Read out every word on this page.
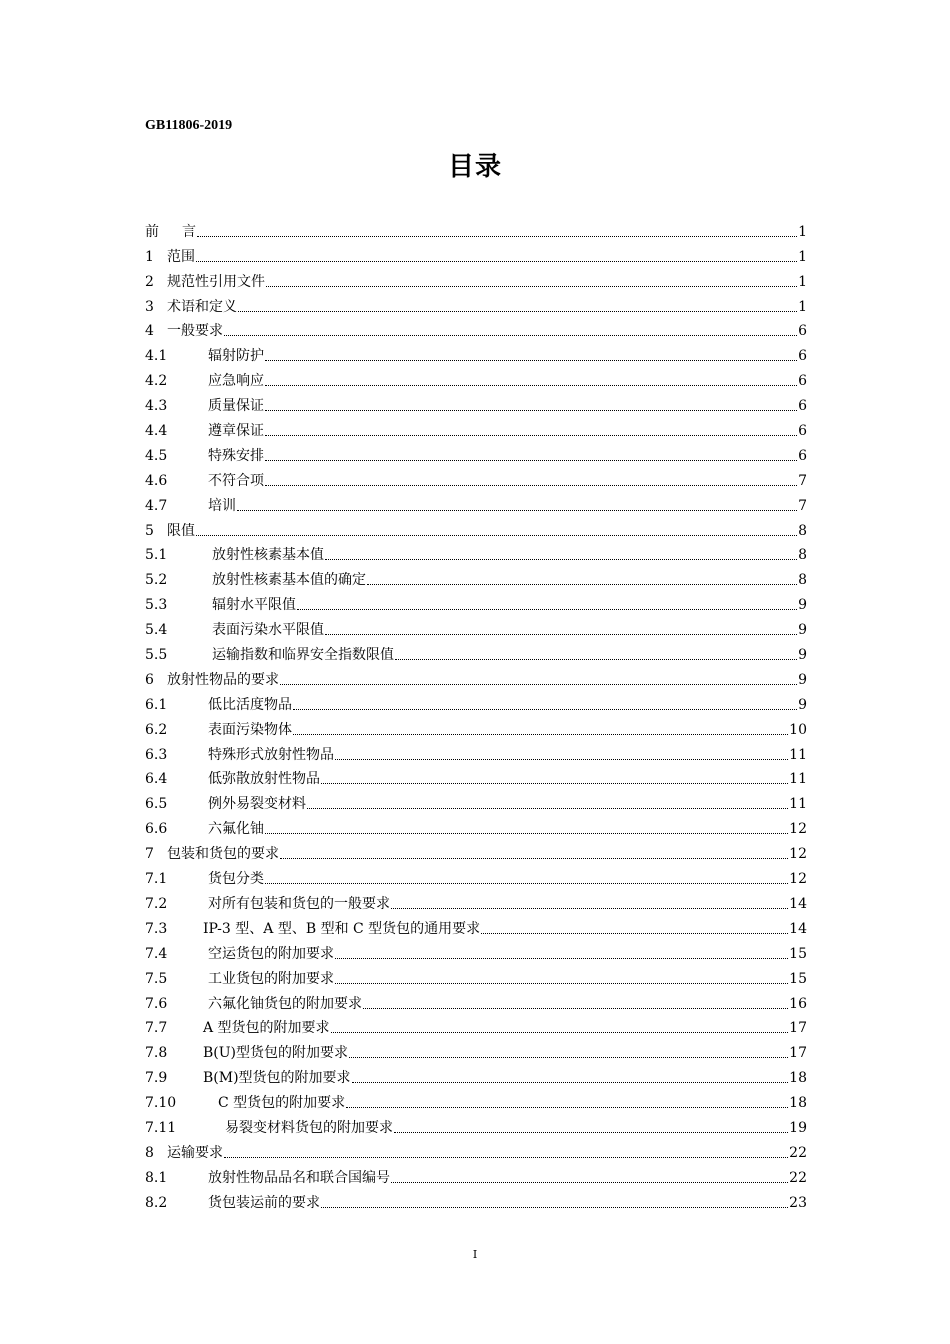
GB11806-2019
目录
前	言	1
1 范围	1
2 规范性引用文件	1
3 术语和定义	1
4 一般要求	6
4.1	辐射防护	6
4.2	应急响应	6
4.3	质量保证	6
4.4	遵章保证	6
4.5	特殊安排	6
4.6	不符合项	7
4.7	培训	7
5 限值	8
5.1	放射性核素基本值	8
5.2	放射性核素基本值的确定	8
5.3	辐射水平限值	9
5.4	表面污染水平限值	9
5.5	运输指数和临界安全指数限值	9
6 放射性物品的要求	9
6.1	低比活度物品	9
6.2	表面污染物体	10
6.3	特殊形式放射性物品	11
6.4	低弥散放射性物品	11
6.5	例外易裂变材料	11
6.6	六氟化铀	12
7 包装和货包的要求	12
7.1	货包分类	12
7.2	对所有包装和货包的一般要求	14
7.3	IP-3 型、A 型、B 型和 C 型货包的通用要求	14
7.4	空运货包的附加要求	15
7.5	工业货包的附加要求	15
7.6	六氟化铀货包的附加要求	16
7.7	A 型货包的附加要求	17
7.8	B(U)型货包的附加要求	17
7.9	B(M)型货包的附加要求	18
7.10	C 型货包的附加要求	18
7.11	易裂变材料货包的附加要求	19
8 运输要求	22
8.1	放射性物品品名和联合国编号	22
8.2	货包装运前的要求	23
I
